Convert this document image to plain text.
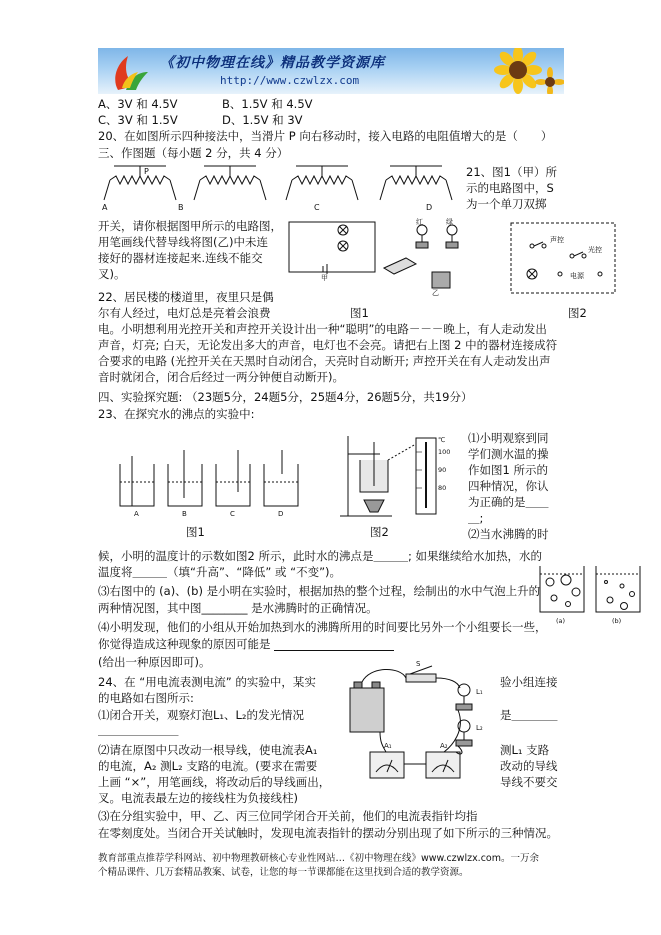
《初中物理在线》精品教学资源库
http://www.czwlzx.com
A、3V 和 4.5V	B、1.5V 和 4.5V
C、3V 和 1.5V	D、1.5V 和 3V
20、在如图所示四种接法中，当滑片 P 向右移动时，接入电路的电阻值增大的是（　　）
三、作图题（每小题 2 分，共 4 分）
P
A	B	C	D
21、图1（甲）所
示的电路图中，S
为一个单刀双掷
开关，请你根据图甲所示的电路图，
用笔画线代替导线将图(乙)中未连
接好的器材连接起来.连线不能交
叉)。	甲
红	绿
乙
声控
光控
电源
22、居民楼的楼道里，夜里只是偶
图1	图2
尔有人经过，电灯总是亮着会浪费
电。小明想利用光控开关和声控开关设计出一种“聪明”的电路－－－晚上，有人走动发出
声音，灯亮; 白天，无论发出多大的声音，电灯也不会亮。请把右上图 2 中的器材连接成符
合要求的电路 (光控开关在天黑时自动闭合，天亮时自动断开; 声控开关在有人走动发出声
音时就闭合，闭合后经过一两分钟便自动断开)。
四、实验探究题: （23题5分，24题5分，25题4分，26题5分，共19分）
23、在探究水的沸点的实验中:
A	B	C	D
℃
100
90
80
⑴小明观察到同
学们测水温的操
作如图1 所示的
四种情况，你认
为正确的是＿＿
＿;
⑵当水沸腾的时
图1	图2
候，小明的温度计的示数如图2 所示，此时水的沸点是＿＿＿; 如果继续给水加热，水的
温度将＿＿＿（填“升高”、“降低” 或 “不变”)。
⑶右图中的 (a)、(b) 是小明在实验时，根据加热的整个过程，绘制出的水中气泡上升的
两种情况图，其中图________ 是水沸腾时的正确情况。
⑷小明发现，他们的小组从开始加热到水的沸腾所用的时间要比另外一个小组要长一些，
你觉得造成这种现象的原因可能是
(给出一种原因即可)。
(a)	(b)
24、在 “用电流表测电流” 的实验中，某实	验小组连接
的电路如右图所示:
⑴闭合开关，观察灯泡L₁、L₂的发光情况	是＿＿＿＿
＿＿＿＿＿＿＿
⑵请在原图中只改动一根导线，使电流表A₁	测L₁ 支路
的电流，A₂ 测L₂ 支路的电流。(要求在需要	改动的导线
上画 “×”，用笔画线，将改动后的导线画出，	导线不要交
叉。电流表最左边的接线柱为负接线柱)
⑶在分组实验中，甲、乙、丙三位同学闭合开关前，他们的电流表指针均指
在零刻度处。当闭合开关试触时，发现电流表指针的摆动分别出现了如下所示的三种情况。
S
L₁
L₂
A₁	A₂
教育部重点推荐学科网站、初中物理教研核心专业性网站…《初中物理在线》www.czwlzx.com。一万余
个精品课件、几万套精品教案、试卷，让您的每一节课都能在这里找到合适的教学资源。
